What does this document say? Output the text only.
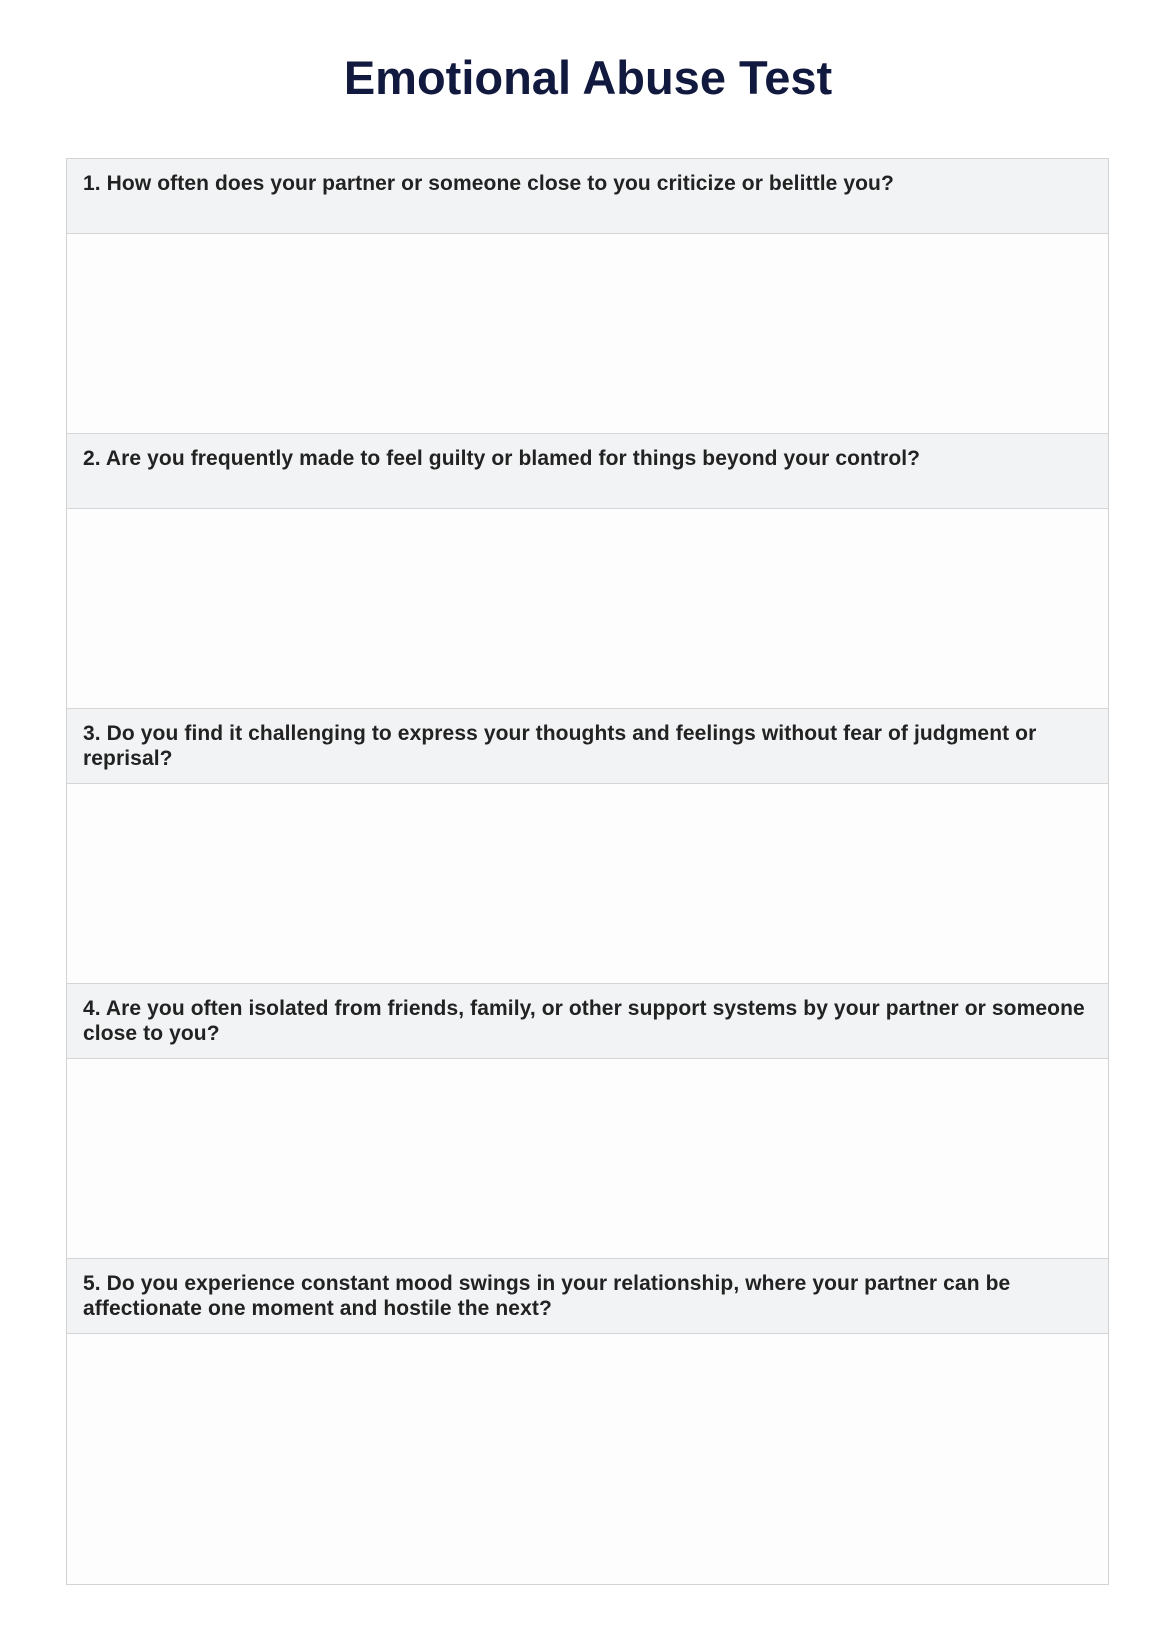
Emotional Abuse Test
1. How often does your partner or someone close to you criticize or belittle you?
2. Are you frequently made to feel guilty or blamed for things beyond your control?
3. Do you find it challenging to express your thoughts and feelings without fear of judgment or reprisal?
4. Are you often isolated from friends, family, or other support systems by your partner or someone close to you?
5. Do you experience constant mood swings in your relationship, where your partner can be affectionate one moment and hostile the next?
